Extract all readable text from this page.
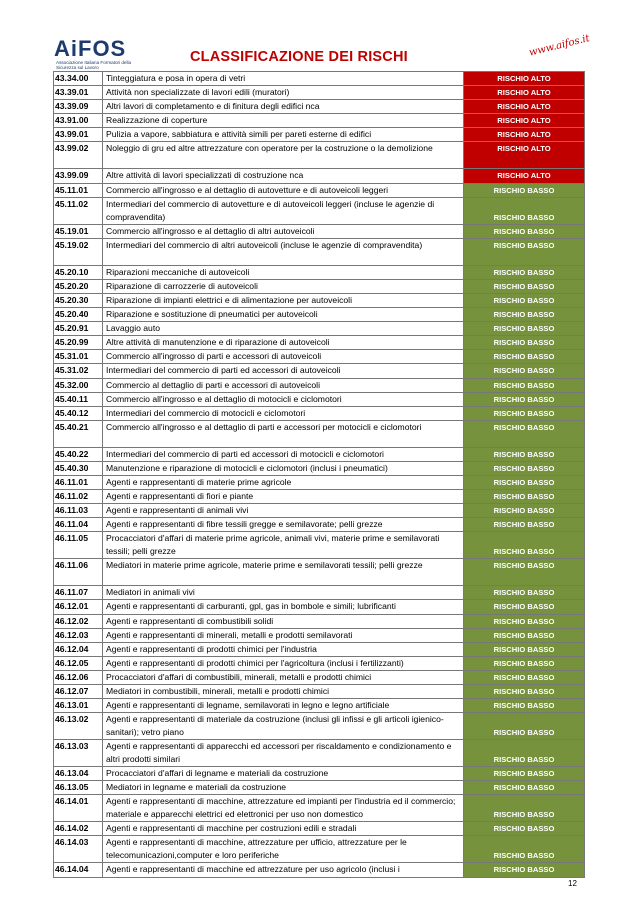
AiFOS
Associazione Italiana Formatori della Sicurezza sul Lavoro
CLASSIFICAZIONE DEI RISCHI	www.aifos.it
43.34.00	Tinteggiatura e posa in opera di vetri	RISCHIO ALTO
43.39.01	Attività non specializzate di lavori edili (muratori)	RISCHIO ALTO
43.39.09	Altri lavori di completamento e di finitura degli edifici nca	RISCHIO ALTO
43.91.00	Realizzazione di coperture	RISCHIO ALTO
43.99.01	Pulizia a vapore, sabbiatura e attività simili per pareti esterne di edifici	RISCHIO ALTO
43.99.02	Noleggio di gru ed altre attrezzature con operatore per la costruzione o la demolizione	RISCHIO ALTO
43.99.09	Altre attività di lavori specializzati di costruzione nca	RISCHIO ALTO
45.11.01	Commercio all'ingrosso e al dettaglio di autovetture e di autoveicoli leggeri	RISCHIO BASSO
45.11.02	Intermediari del commercio di autovetture e di autoveicoli leggeri (incluse le agenzie di compravendita)	RISCHIO BASSO
45.19.01	Commercio all'ingrosso e al dettaglio di altri autoveicoli	RISCHIO BASSO
45.19.02	Intermediari del commercio di altri autoveicoli (incluse le agenzie di compravendita)	RISCHIO BASSO
45.20.10	Riparazioni meccaniche di autoveicoli	RISCHIO BASSO
45.20.20	Riparazione di carrozzerie di autoveicoli	RISCHIO BASSO
45.20.30	Riparazione di impianti elettrici e di alimentazione per autoveicoli	RISCHIO BASSO
45.20.40	Riparazione e sostituzione di pneumatici per autoveicoli	RISCHIO BASSO
45.20.91	Lavaggio auto	RISCHIO BASSO
45.20.99	Altre attività di manutenzione e di riparazione di autoveicoli	RISCHIO BASSO
45.31.01	Commercio all'ingrosso di parti e accessori di autoveicoli	RISCHIO BASSO
45.31.02	Intermediari del commercio di parti ed accessori di autoveicoli	RISCHIO BASSO
45.32.00	Commercio al dettaglio di parti e accessori di autoveicoli	RISCHIO BASSO
45.40.11	Commercio all'ingrosso e al dettaglio di motocicli e ciclomotori	RISCHIO BASSO
45.40.12	Intermediari del commercio di motocicli e ciclomotori	RISCHIO BASSO
45.40.21	Commercio all'ingrosso e al dettaglio di parti e accessori per motocicli e ciclomotori	RISCHIO BASSO
45.40.22	Intermediari del commercio di parti ed accessori di motocicli e ciclomotori	RISCHIO BASSO
45.40.30	Manutenzione e riparazione di motocicli e ciclomotori (inclusi i pneumatici)	RISCHIO BASSO
46.11.01	Agenti e rappresentanti di materie prime agricole	RISCHIO BASSO
46.11.02	Agenti e rappresentanti di fiori e piante	RISCHIO BASSO
46.11.03	Agenti e rappresentanti di animali vivi	RISCHIO BASSO
46.11.04	Agenti e rappresentanti di fibre tessili gregge e semilavorate; pelli grezze	RISCHIO BASSO
46.11.05	Procacciatori d'affari di materie prime agricole, animali vivi, materie prime e semilavorati tessili; pelli grezze	RISCHIO BASSO
46.11.06	Mediatori in materie prime agricole, materie prime e semilavorati tessili; pelli grezze	RISCHIO BASSO
46.11.07	Mediatori in animali vivi	RISCHIO BASSO
46.12.01	Agenti e rappresentanti di carburanti, gpl, gas in bombole e simili; lubrificanti	RISCHIO BASSO
46.12.02	Agenti e rappresentanti di combustibili solidi	RISCHIO BASSO
46.12.03	Agenti e rappresentanti di minerali, metalli e prodotti semilavorati	RISCHIO BASSO
46.12.04	Agenti e rappresentanti di prodotti chimici per l'industria	RISCHIO BASSO
46.12.05	Agenti e rappresentanti di prodotti chimici per l'agricoltura (inclusi i fertilizzanti)	RISCHIO BASSO
46.12.06	Procacciatori d'affari di combustibili, minerali, metalli e prodotti chimici	RISCHIO BASSO
46.12.07	Mediatori in combustibili, minerali, metalli e prodotti chimici	RISCHIO BASSO
46.13.01	Agenti e rappresentanti di legname, semilavorati in legno e legno artificiale	RISCHIO BASSO
46.13.02	Agenti e rappresentanti di materiale da costruzione (inclusi gli infissi e gli articoli igienico-sanitari); vetro piano	RISCHIO BASSO
46.13.03	Agenti e rappresentanti di apparecchi ed accessori per riscaldamento e condizionamento e altri prodotti similari	RISCHIO BASSO
46.13.04	Procacciatori d'affari di legname e materiali da costruzione	RISCHIO BASSO
46.13.05	Mediatori in legname e materiali da costruzione	RISCHIO BASSO
46.14.01	Agenti e rappresentanti di macchine, attrezzature ed impianti per l'industria ed il commercio; materiale e apparecchi elettrici ed elettronici per uso non domestico	RISCHIO BASSO
46.14.02	Agenti e rappresentanti di macchine per costruzioni edili e stradali	RISCHIO BASSO
46.14.03	Agenti e rappresentanti di macchine, attrezzature per ufficio, attrezzature per le telecomunicazioni,computer e loro periferiche	RISCHIO BASSO
46.14.04	Agenti e rappresentanti di macchine ed attrezzature per uso agricolo (inclusi i	RISCHIO BASSO
12
